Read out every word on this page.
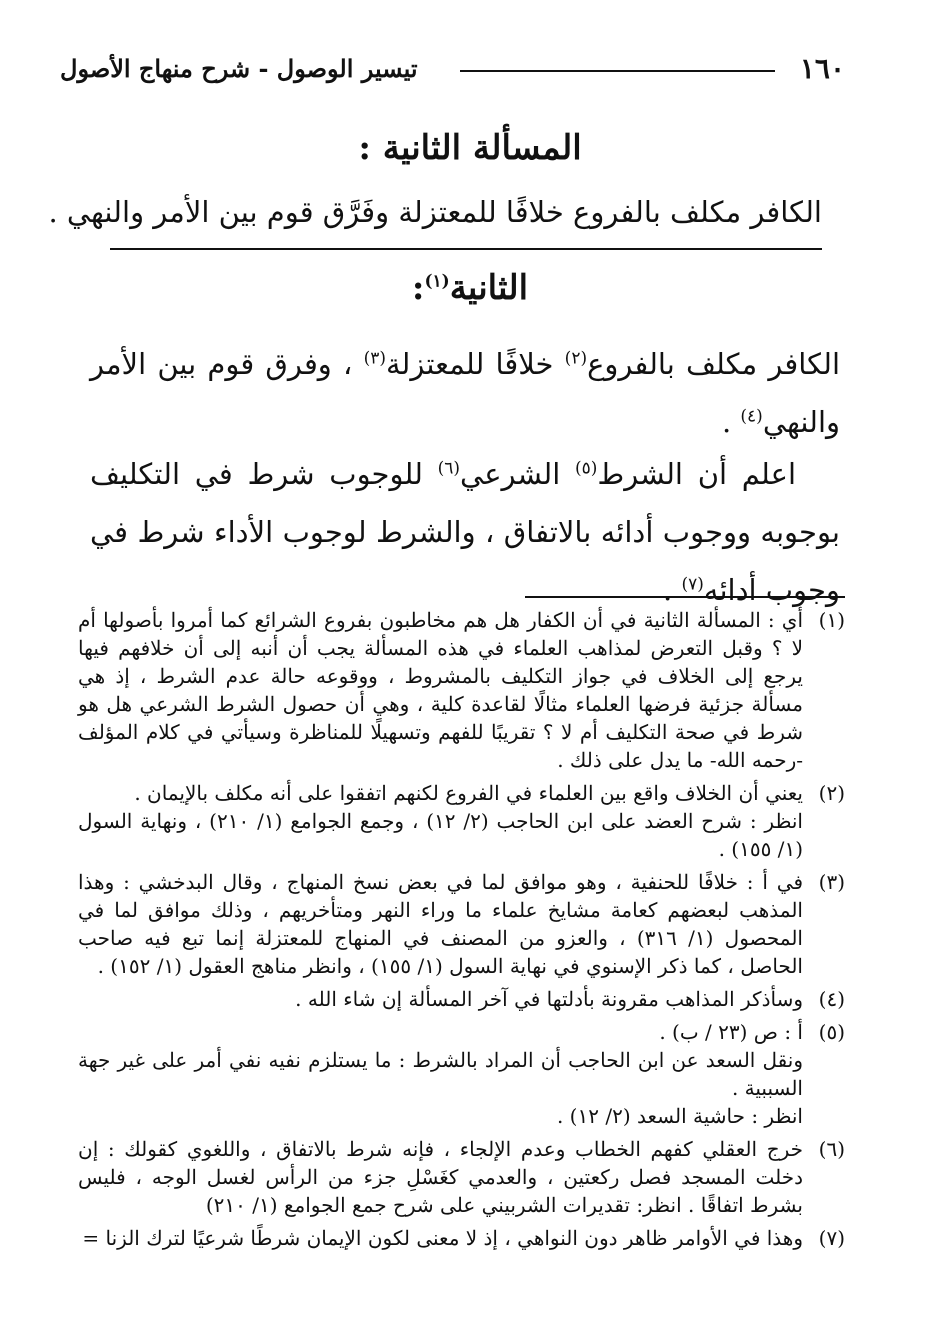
١٦٠
تيسير الوصول - شرح منهاج الأصول
المسألة الثانية :
الكافر مكلف بالفروع خلافًا للمعتزلة وفَرَّق قوم بين الأمر والنهي .
الثانية$^{(١)}$:
الكافر مكلف بالفروع$^{(٢)}$ خلافًا للمعتزلة$^{(٣)}$ ، وفرق قوم بين الأمر والنهي$^{(٤)}$ .
اعلم أن الشرط$^{(٥)}$ الشرعي$^{(٦)}$ للوجوب شرط في التكليف بوجوبه ووجوب أدائه بالاتفاق ، والشرط لوجوب الأداء شرط في وجوب أدائه$^{(٧)}$ .
(١)

أي : المسألة الثانية في أن الكفار هل هم مخاطبون بفروع الشرائع كما أمروا بأصولها أم لا ؟ وقبل التعرض لمذاهب العلماء في هذه المسألة يجب أن أنبه إلى أن خلافهم فيها يرجع إلى الخلاف في جواز التكليف بالمشروط ، ووقوعه حالة عدم الشرط ، إذ هي مسألة جزئية فرضها العلماء مثالًا لقاعدة كلية ، وهي أن حصول الشرط الشرعي هل هو شرط في صحة التكليف أم لا ؟ تقريبًا للفهم وتسهيلًا للمناظرة وسيأتي في كلام المؤلف -رحمه الله- ما يدل على ذلك .

(٢)

يعني أن الخلاف واقع بين العلماء في الفروع لكنهم اتفقوا على أنه مكلف بالإيمان .

انظر : شرح العضد على ابن الحاجب (٢/ ١٢) ، وجمع الجوامع (١/ ٢١٠) ، ونهاية السول (١/ ١٥٥) .

(٣)

في أ : خلافًا للحنفية ، وهو موافق لما في بعض نسخ المنهاج ، وقال البدخشي : وهذا المذهب لبعضهم كعامة مشايخ علماء ما وراء النهر ومتأخريهم ، وذلك موافق لما في المحصول (١/ ٣١٦) ، والعزو من المصنف في المنهاج للمعتزلة إنما تبع فيه صاحب الحاصل ، كما ذكر الإسنوي في نهاية السول (١/ ١٥٥) ، وانظر مناهج العقول (١/ ١٥٢) .

(٤)

وسأذكر المذاهب مقرونة بأدلتها في آخر المسألة إن شاء الله .

(٥)

أ : ص (٢٣ / ب) .

ونقل السعد عن ابن الحاجب أن المراد بالشرط : ما يستلزم نفيه نفي أمر على غير جهة السببية .

انظر : حاشية السعد (٢/ ١٢) .

(٦)

خرج العقلي كفهم الخطاب وعدم الإلجاء ، فإنه شرط بالاتفاق ، واللغوي كقولك : إن دخلت المسجد فصل ركعتين ، والعدمي كغَسْلِ جزء من الرأس لغسل الوجه ، فليس بشرط اتفاقًا . انظر: تقديرات الشربيني على شرح جمع الجوامع (١/ ٢١٠)

(٧)

وهذا في الأوامر ظاهر دون النواهي ، إذ لا معنى لكون الإيمان شرطًا شرعيًا لترك الزنا =
